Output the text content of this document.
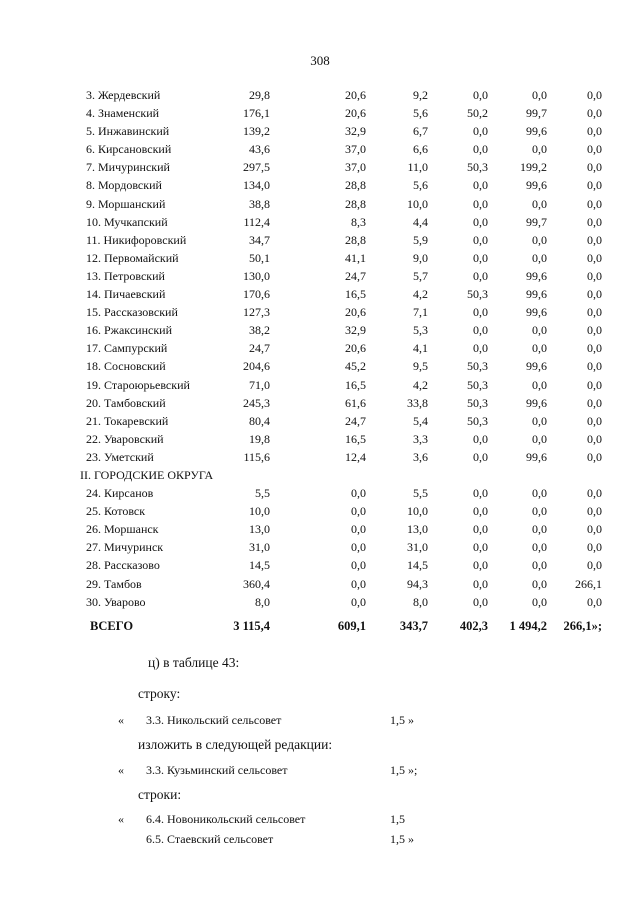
308
3. Жердевский	29,8	20,6	9,2	0,0	0,0	0,0
4. Знаменский	176,1	20,6	5,6	50,2	99,7	0,0
5. Инжавинский	139,2	32,9	6,7	0,0	99,6	0,0
6. Кирсановский	43,6	37,0	6,6	0,0	0,0	0,0
7. Мичуринский	297,5	37,0	11,0	50,3	199,2	0,0
8. Мордовский	134,0	28,8	5,6	0,0	99,6	0,0
9. Моршанский	38,8	28,8	10,0	0,0	0,0	0,0
10. Мучкапский	112,4	8,3	4,4	0,0	99,7	0,0
11. Никифоровский	34,7	28,8	5,9	0,0	0,0	0,0
12. Первомайский	50,1	41,1	9,0	0,0	0,0	0,0
13. Петровский	130,0	24,7	5,7	0,0	99,6	0,0
14. Пичаевский	170,6	16,5	4,2	50,3	99,6	0,0
15. Рассказовский	127,3	20,6	7,1	0,0	99,6	0,0
16. Ржаксинский	38,2	32,9	5,3	0,0	0,0	0,0
17. Сампурский	24,7	20,6	4,1	0,0	0,0	0,0
18. Сосновский	204,6	45,2	9,5	50,3	99,6	0,0
19. Староюрьевский	71,0	16,5	4,2	50,3	0,0	0,0
20. Тамбовский	245,3	61,6	33,8	50,3	99,6	0,0
21. Токаревский	80,4	24,7	5,4	50,3	0,0	0,0
22. Уваровский	19,8	16,5	3,3	0,0	0,0	0,0
23. Уметский	115,6	12,4	3,6	0,0	99,6	0,0
II. ГОРОДСКИЕ ОКРУГА
24. Кирсанов	5,5	0,0	5,5	0,0	0,0	0,0
25. Котовск	10,0	0,0	10,0	0,0	0,0	0,0
26. Моршанск	13,0	0,0	13,0	0,0	0,0	0,0
27. Мичуринск	31,0	0,0	31,0	0,0	0,0	0,0
28. Рассказово	14,5	0,0	14,5	0,0	0,0	0,0
29. Тамбов	360,4	0,0	94,3	0,0	0,0	266,1
30. Уварово	8,0	0,0	8,0	0,0	0,0	0,0
ВСЕГО	3 115,4	609,1	343,7	402,3	1 494,2	266,1»;
ц) в таблице 43:
строку:
« 3.3. Никольский сельсовет	1,5 »
изложить в следующей редакции:
« 3.3. Кузьминский сельсовет	1,5 »;
строки:
« 6.4. Новоникольский сельсовет	1,5
6.5. Стаевский сельсовет	1,5 »
